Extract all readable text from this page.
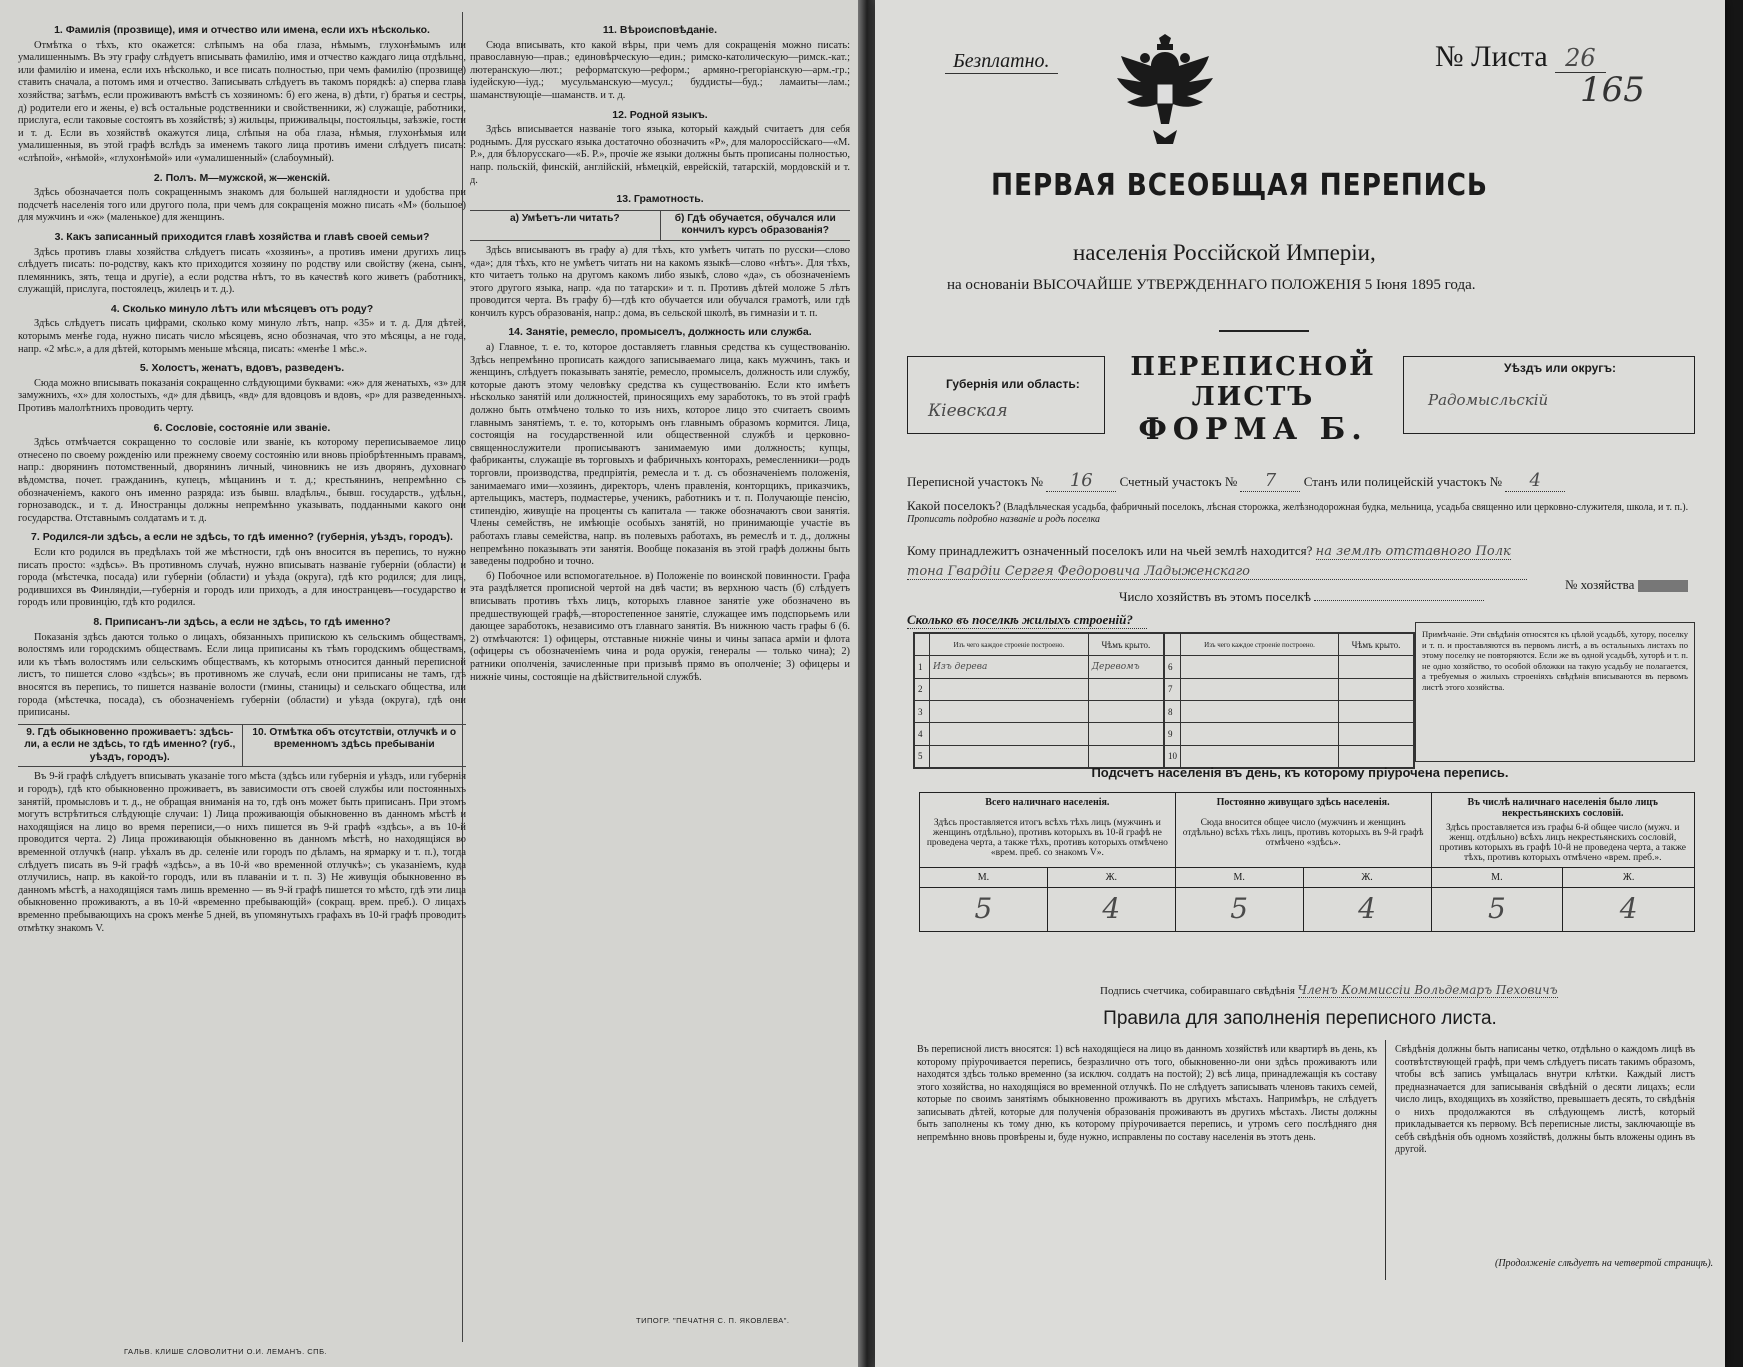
1. Фамилiя (прозвище), имя и отчество или имена, если ихъ нѣсколько.
Отмѣтка о тѣхъ, кто окажется: слѣпымъ на оба глаза, нѣмымъ, глухонѣмымъ или умалишеннымъ. Въ эту графу слѣдуетъ вписывать фамилiю, имя и отчество каждаго лица отдѣльно, или фамилiю и имена, если ихъ нѣсколько, и все писать полностью, при чемъ фамилiю (прозвище) ставить сначала, а потомъ имя и отчество. Записывать слѣдуетъ въ такомъ порядкѣ: а) сперва глава хозяйства; затѣмъ, если проживаютъ вмѣстѣ съ хозяиномъ: б) его жена, в) дѣти, г) братья и сестры, д) родители его и жены, е) всѣ остальные родственники и свойственники, ж) служащiе, работники, прислуга, если таковые состоятъ въ хозяйствѣ; з) жильцы, приживальцы, постояльцы, заѣзжiе, гости и т. д. Если въ хозяйствѣ окажутся лица, слѣпыя на оба глаза, нѣмыя, глухонѣмыя или умалишенныя, въ этой графѣ вслѣдъ за именемъ такого лица противъ имени слѣдуетъ писать: «слѣпой», «нѣмой», «глухонѣмой» или «умалишенный» (слабоумный).
2. Полъ. М—мужской, ж—женскiй.
Здѣсь обозначается полъ сокращеннымъ знакомъ для большей наглядности и удобства при подсчетѣ населенiя того или другого пола, при чемъ для сокращенiя можно писать «М» (большое) для мужчинъ и «ж» (маленькое) для женщинъ.
3. Какъ записанный приходится главѣ хозяйства и главѣ своей семьи?
Здѣсь противъ главы хозяйства слѣдуетъ писать «хозяинъ», а противъ имени другихъ лицъ слѣдуетъ писать: по-родству, какъ кто приходится хозяину по родству или свойству (жена, сынъ, племянникъ, зять, теща и другiе), а если родства нѣтъ, то въ качествѣ кого живетъ (работникъ, служащiй, прислуга, постоялецъ, жилецъ и т. д.).
4. Сколько минуло лѣтъ или мѣсяцевъ отъ роду?
Здѣсь слѣдуетъ писать цифрами, сколько кому минуло лѣтъ, напр. «35» и т. д. Для дѣтей, которымъ менѣе года, нужно писать число мѣсяцевъ, ясно обозначая, что это мѣсяцы, а не года, напр. «2 мѣс.», а для дѣтей, которымъ меньше мѣсяца, писать: «менѣе 1 мѣс.».
5. Холостъ, женатъ, вдовъ, разведенъ.
Сюда можно вписывать показанiя сокращенно слѣдующими буквами: «ж» для женатыхъ, «з» для замужнихъ, «х» для холостыхъ, «д» для дѣвицъ, «вд» для вдовцовъ и вдовъ, «р» для разведенныхъ. Противъ малолѣтнихъ проводить черту.
6. Сословiе, состоянiе или званiе.
Здѣсь отмѣчается сокращенно то сословiе или званiе, къ которому переписываемое лицо отнесено по своему рожденiю или прежнему своему состоянiю или вновь прiобрѣтеннымъ правамъ, напр.: дворянинъ потомственный, дворянинъ личный, чиновникъ не изъ дворянъ, духовнаго вѣдомства, почет. гражданинъ, купецъ, мѣщанинъ и т. д.; крестьянинъ, непремѣнно съ обозначенiемъ, какого онъ именно разряда: изъ бывш. владѣльч., бывш. государств., удѣльн., горнозаводск., и т. д. Иностранцы должны непремѣнно указывать, подданными какого они государства. Отставнымъ солдатамъ и т. д.
7. Родился-ли здѣсь, а если не здѣсь, то гдѣ именно? (губернiя, уѣздъ, городъ).
Если кто родился въ предѣлахъ той же мѣстности, гдѣ онъ вносится въ перепись, то нужно писать просто: «здѣсь». Въ противномъ случаѣ, нужно вписывать названiе губернiи (области) и города (мѣстечка, посада) или губернiи (области) и уѣзда (округа), гдѣ кто родился; для лицъ, родившихся въ Финляндiи,—губернiя и городъ или приходъ, а для иностранцевъ—государство и городъ или провинцiю, гдѣ кто родился.
8. Приписанъ-ли здѣсь, а если не здѣсь, то гдѣ именно?
Показанiя здѣсь даются только о лицахъ, обязанныхъ припискою къ сельскимъ обществамъ, волостямъ или городскимъ обществамъ. Если лица приписаны къ тѣмъ городскимъ обществамъ, или къ тѣмъ волостямъ или сельскимъ обществамъ, къ которымъ относится данный переписной листъ, то пишется слово «здѣсь»; въ противномъ же случаѣ, если они приписаны не тамъ, гдѣ вносятся въ перепись, то пишется названiе волости (гмины, станицы) и сельскаго общества, или города (мѣстечка, посада), съ обозначенiемъ губернiи (области) и уѣзда (округа), гдѣ они приписаны.
9. Гдѣ обыкновенно проживаетъ: здѣсь-ли, а если не здѣсь, то гдѣ именно? (губ., уѣздъ, городъ).
10. Отмѣтка объ отсутствiи, отлучкѣ и о временномъ здѣсь пребыванiи
Въ 9-й графѣ слѣдуетъ вписывать указанiе того мѣста (здѣсь или губернiя и уѣздъ, или губернiя и городъ), гдѣ кто обыкновенно проживаетъ, въ зависимости отъ своей службы или постоянныхъ занятiй, промысловъ и т. д., не обращая вниманiя на то, гдѣ онъ может быть приписанъ. При этомъ могутъ встрѣтиться слѣдующiе случаи: 1) Лица проживающiя обыкновенно въ данномъ мѣстѣ и находящiяся на лицо во время переписи,—о нихъ пишется въ 9-й графѣ «здѣсь», а въ 10-й проводится черта. 2) Лица проживающiя обыкновенно въ данномъ мѣстѣ, но находящiяся во временной отлучкѣ (напр. уѣхалъ въ др. селенiе или городъ по дѣламъ, на ярмарку и т. п.), тогда слѣдуетъ писать въ 9-й графѣ «здѣсь», а въ 10-й «во временной отлучкѣ»; съ указанiемъ, куда отлучились, напр. въ какой-то городъ, или въ плаванiи и т. п. 3) Не живущiя обыкновенно въ данномъ мѣстѣ, а находящiяся тамъ лишь временно — въ 9-й графѣ пишется то мѣсто, гдѣ эти лица обыкновенно проживаютъ, а въ 10-й «временно пребывающiй» (сокращ. врем. преб.). О лицахъ временно пребывающихъ на срокъ менѣе 5 дней, въ упомянутыхъ графахъ въ 10-й графѣ проводить отмѣтку знакомъ V.
11. Вѣроисповѣданiе.
Сюда вписывать, кто какой вѣры, при чемъ для сокращенiя можно писать: православную—прав.; единовѣрческую—един.; римско-католическую—римск.-кат.; лютеранскую—лют.; реформатскую—реформ.; армяно-грегорiанскую—арм.-гр.; iудейскую—iуд.; мусульманскую—мусул.; буддисты—буд.; ламаиты—лам.; шаманствующiе—шаманств. и т. д.
12. Родной языкъ.
Здѣсь вписывается названiе того языка, который каждый считаетъ для себя роднымъ. Для русскаго языка достаточно обозначить «Р», для малороссiйскаго—«М. Р.», для бѣлорусскаго—«Б. Р.», прочiе же языки должны быть прописаны полностью, напр. польскiй, финскiй, англiйскiй, нѣмецкiй, еврейскiй, татарскiй, мордовскiй и т. д.
13. Грамотность.
а) Умѣетъ-ли читать?	б) Гдѣ обучается, обучался или кончилъ курсъ образованiя?
Здѣсь вписываютъ въ графу а) для тѣхъ, кто умѣетъ читать по русски—слово «да»; для тѣхъ, кто не умѣетъ читать ни на какомъ языкѣ—слово «нѣтъ». Для тѣхъ, кто читаетъ только на другомъ какомъ либо языкѣ, слово «да», съ обозначенiемъ этого другого языка, напр. «да по татарски» и т. п. Противъ дѣтей моложе 5 лѣтъ проводится черта. Въ графу б)—гдѣ кто обучается или обучался грамотѣ, или гдѣ кончилъ курсъ образованiя, напр.: дома, въ сельской школѣ, въ гимназiи и т. п.
14. Занятiе, ремесло, промыселъ, должность или служба.
а) Главное, т. е. то, которое доставляетъ главныя средства къ существованiю. Здѣсь непремѣнно прописать каждого записываемаго лица, какъ мужчинъ, такъ и женщинъ, слѣдуетъ показывать занятiе, ремесло, промыселъ, должность или службу, которые даютъ этому человѣку средства къ существованiю. Если кто имѣетъ нѣсколько занятiй или должностей, приносящихъ ему заработокъ, то въ этой графѣ должно быть отмѣчено только то изъ нихъ, которое лицо это считаетъ своимъ главнымъ занятiемъ, т. е. то, которымъ онъ главнымъ образомъ кормится. Лица, состоящiя на государственной или общественной службѣ и церковно-священнослужители прописываютъ занимаемую ими должность; купцы, фабриканты, служащiе въ торговыхъ и фабричныхъ конторахъ, ремесленники—родъ торговли, производства, предпрiятiя, ремесла и т. д. съ обозначенiемъ положенiя, занимаемаго ими—хозяинъ, директоръ, членъ правленiя, конторщикъ, приказчикъ, артельщикъ, мастеръ, подмастерье, ученикъ, работникъ и т. п. Получающiе пенсiю, стипендiю, живущiе на проценты съ капитала — также обозначаютъ свои занятiя. Члены семействъ, не имѣющiе особыхъ занятiй, но принимающiе участiе въ работахъ главы семейства, напр. въ полевыхъ работахъ, въ ремеслѣ и т. д., должны непремѣнно показывать эти занятiя. Вообще показанiя въ этой графѣ должны быть заведены подробно и точно.
б) Побочное или вспомогательное. в) Положенiе по воинской повинности. Графа эта раздѣляется прописной чертой на двѣ части; въ верхнюю часть (б) слѣдуетъ вписывать противъ тѣхъ лицъ, которыхъ главное занятiе уже обозначено въ предшествующей графѣ,—второстепенное занятiе, служащее имъ подспорьемъ или дающее заработокъ, независимо отъ главнаго занятiя. Въ нижнюю часть графы 6 (6. 2) отмѣчаются: 1) офицеры, отставные нижнiе чины и чины запаса армiи и флота (офицеры съ обозначенiемъ чина и рода оружiя, генералы — только чина); 2) ратники ополченiя, зачисленные при призывѣ прямо въ ополченiе; 3) офицеры и нижнiе чины, состоящiе на дѣйствительной службѣ.
ГАЛЬВ. КЛИШЕ СЛОВОЛИТНИ О.И. ЛЕМАНЪ. СПБ.
ТИПОГР. "ПЕЧАТНЯ С. П. ЯКОВЛЕВА".
Безплатно.	№ Листа 26
165
ПЕРВАЯ ВСЕОБЩАЯ ПЕРЕПИСЬ
населенiя Россiйской Имперiи,
на основанiи ВЫСОЧАЙШЕ УТВЕРЖДЕННАГО ПОЛОЖЕНIЯ 5 Iюня 1895 года.
Губернiя или область:
Кiевская
ПЕРЕПИСНОЙ ЛИСТЪ
ФОРМА Б.
Уѣздъ или округъ:
Радомысльскiй
Переписной участокъ № 16 Счетный участокъ № 7 Станъ или полицейскiй участокъ № 4
Какой поселокъ? (Владѣльческая усадьба, фабричный поселокъ, лѣсная сторожка, желѣзнодорожная будка, мельница, усадьба священно или церковно-служителя, школа, и т. п.). Прописать подробно названiе и родъ поселка
Кому принадлежитъ означенный поселокъ или на чьей землѣ находится? на землѣ отставного Полк
тона Гвардiи Сергея Федоровича Ладыженскаго
Число хозяйствъ въ этомъ поселкѣ
№ хозяйства
Сколько въ поселкѣ жилыхъ строенiй?
	Изъ чего каждое строенiе построено.	Чѣмъ крыто.
1	Изъ дерева	Деревомъ
2		
3		
4		
5		
	Изъ чего каждое строенiе построено.	Чѣмъ крыто.
6		
7		
8		
9		
10		
Примѣчанiе. Эти свѣдѣнiя относятся къ цѣлой усадьбѣ, хутору, поселку и т. п. и проставляются въ первомъ листѣ, а въ остальныхъ листахъ по этому поселку не повторяются. Если же въ одной усадьбѣ, хуторѣ и т. п. не одно хозяйство, то особой обложки на такую усадьбу не полагается, а требуемыя о жилыхъ строенiяхъ свѣдѣнiя вписываются въ первомъ листѣ этого хозяйства.
Подсчетъ населенiя въ день, къ которому прiурочена перепись.
Всего наличнаго населенiя.
Здѣсь проставляется итогъ всѣхъ тѣхъ лицъ (мужчинъ и женщинъ отдѣльно), противъ которыхъ въ 10-й графѣ не проведена черта, а также тѣхъ, противъ которыхъ отмѣчено «врем. преб. со знакомъ V».

Постоянно живущаго здѣсь населенiя.
Сюда вносится общее число (мужчинъ и женщинъ отдѣльно) всѣхъ тѣхъ лицъ, противъ которыхъ въ 9-й графѣ отмѣчено «здѣсь».

Въ числѣ наличнаго населенiя было лицъ некрестьянскихъ сословiй.
Здѣсь проставляется изъ графы 6-й общее число (мужч. и женщ. отдѣльно) всѣхъ лицъ некрестьянскихъ сословiй, противъ которыхъ въ графѣ 10-й не проведена черта, а также тѣхъ, противъ которыхъ отмѣчено «врем. преб.».
М.	Ж.	М.	Ж.	М.	Ж.
5	4	5	4	5	4
Подпись счетчика, собиравшаго свѣдѣнiя Членъ Коммиссiи Вольдемаръ Пеховичъ
Правила для заполненiя переписного листа.
Въ переписной листъ вносятся: 1) всѣ находящiеся на лицо въ данномъ хозяйствѣ или квартирѣ въ день, къ которому прiурочивается перепись, безразлично отъ того, обыкновенно-ли они здѣсь проживаютъ или находятся здѣсь только временно (за исключ. солдатъ на постой); 2) всѣ лица, принадлежащiя къ составу этого хозяйства, но находящiяся во временной отлучкѣ. По не слѣдуетъ записывать членовъ такихъ семей, которые по своимъ занятiямъ обыкновенно проживаютъ въ другихъ мѣстахъ. Напримѣръ, не слѣдуетъ записывать дѣтей, которые для полученiя образованiя проживаютъ въ другихъ мѣстахъ. Листы должны быть заполнены къ тому дню, къ которому прiурочивается перепись, и утромъ сего послѣдняго дня непремѣнно вновь провѣрены и, буде нужно, исправлены по составу населенiя въ этотъ день.
Свѣдѣнiя должны быть написаны четко, отдѣльно о каждомъ лицѣ въ соотвѣтствующей графѣ, при чемъ слѣдуетъ писать такимъ образомъ, чтобы всѣ запись умѣщалась внутри клѣтки. Каждый листъ предназначается для записыванiя свѣдѣнiй о десяти лицахъ; если число лицъ, входящихъ въ хозяйство, превышаетъ десять, то свѣдѣнiя о нихъ продолжаются въ слѣдующемъ листѣ, который прикладывается къ первому. Всѣ переписные листы, заключающiе въ себѣ свѣдѣнiя объ одномъ хозяйствѣ, должны быть вложены одинъ въ другой.
(Продолженiе слѣдуетъ на четвертой страницѣ).
